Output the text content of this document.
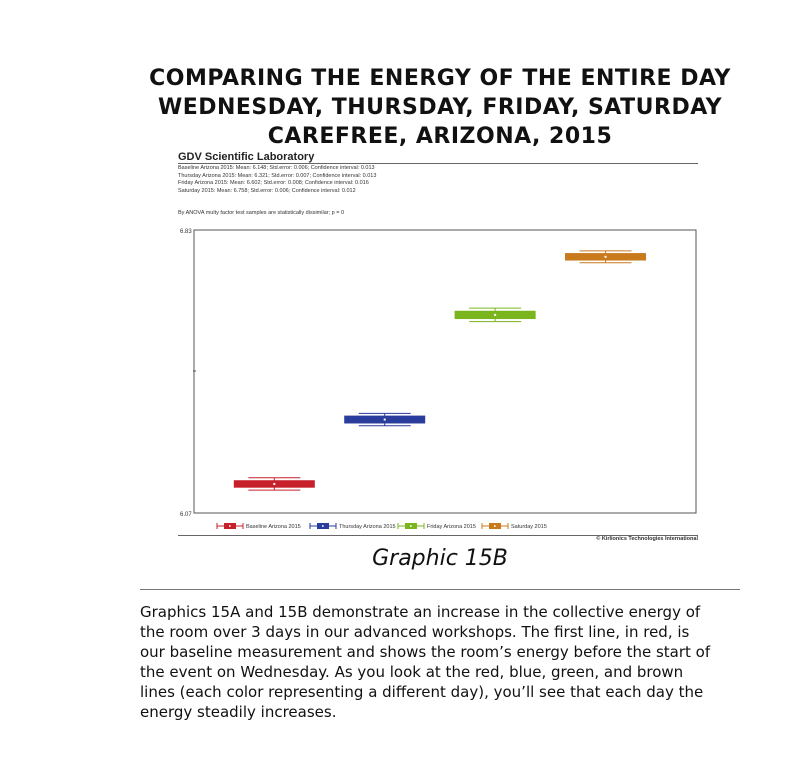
COMPARING THE ENERGY OF THE ENTIRE DAY
WEDNESDAY, THURSDAY, FRIDAY, SATURDAY
CAREFREE, ARIZONA, 2015
GDV Scientific Laboratory
Baseline Arizona 2015: Mean: 6.148; Std.error: 0.006; Confidence interval: 0.013
Thursday Arizona 2015: Mean: 6.321; Std.error: 0.007; Confidence interval: 0.013
Friday Arizona 2015: Mean: 6.602; Std.error: 0.008; Confidence interval: 0.016
Saturday 2015: Mean: 6.758; Std.error: 0.006; Confidence interval: 0.012
By ANOVA multy factor test samples are statistically dissimilar; p = 0
6.83
6.07
Baseline Arizona 2015	Thursday Arizona 2015	Friday Arizona 2015	Saturday 2015
© Kirlionics Technologies International
Graphic 15B
Graphics 15A and 15B demonstrate an increase in the collective energy of
the room over 3 days in our advanced workshops. The first line, in red, is
our baseline measurement and shows the room’s energy before the start of
the event on Wednesday. As you look at the red, blue, green, and brown
lines (each color representing a different day), you’ll see that each day the
energy steadily increases.
